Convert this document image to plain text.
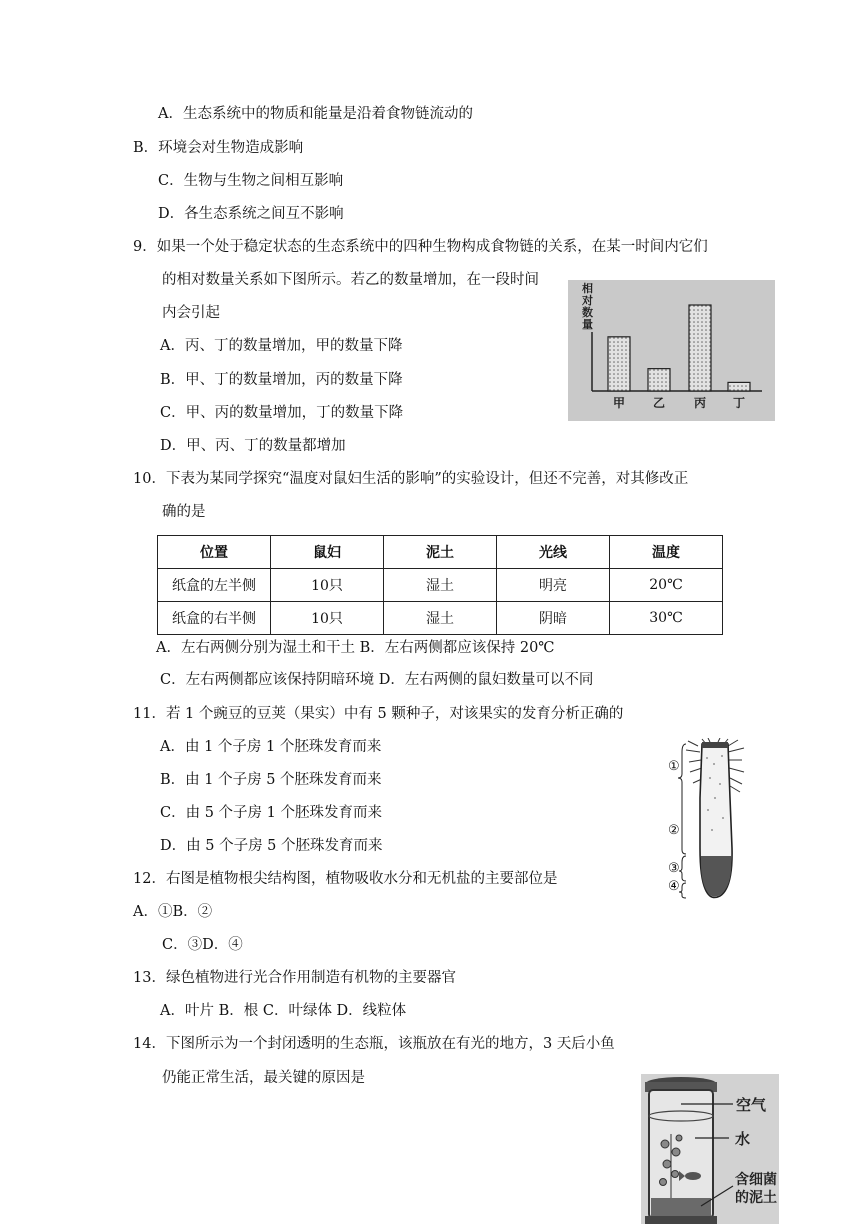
A．生态系统中的物质和能量是沿着食物链流动的
B．环境会对生物造成影响
C．生物与生物之间相互影响
D．各生态系统之间互不影响
9．如果一个处于稳定状态的生态系统中的四种生物构成食物链的关系，在某一时间内它们
的相对数量关系如下图所示。若乙的数量增加，在一段时间
内会引起
A．丙、丁的数量增加，甲的数量下降
B．甲、丁的数量增加，丙的数量下降
C．甲、丙的数量增加，丁的数量下降
D．甲、丙、丁的数量都增加
相
对
数
量
甲 乙 丙 丁
10．下表为某同学探究“温度对鼠妇生活的影响”的实验设计，但还不完善，对其修改正
确的是
位置	鼠妇	泥土	光线	温度
纸盒的左半侧	10只	湿土	明亮	20℃
纸盒的右半侧	10只	湿土	阴暗	30℃
A．左右两侧分别为湿土和干土 B．左右两侧都应该保持 20℃
C．左右两侧都应该保持阴暗环境 D．左右两侧的鼠妇数量可以不同
11．若 1 个豌豆的豆荚（果实）中有 5 颗种子，对该果实的发育分析正确的
A．由 1 个子房 1 个胚珠发育而来
B．由 1 个子房 5 个胚珠发育而来
C．由 5 个子房 1 个胚珠发育而来
D．由 5 个子房 5 个胚珠发育而来
①
②
③
④
12．右图是植物根尖结构图，植物吸收水分和无机盐的主要部位是
A．①B．②
C．③D．④
13．绿色植物进行光合作用制造有机物的主要器官
A．叶片 B．根 C．叶绿体 D．线粒体
14．下图所示为一个封闭透明的生态瓶，该瓶放在有光的地方，3 天后小鱼
仍能正常生活，最关键的原因是
空气
水
含细菌
的泥土
